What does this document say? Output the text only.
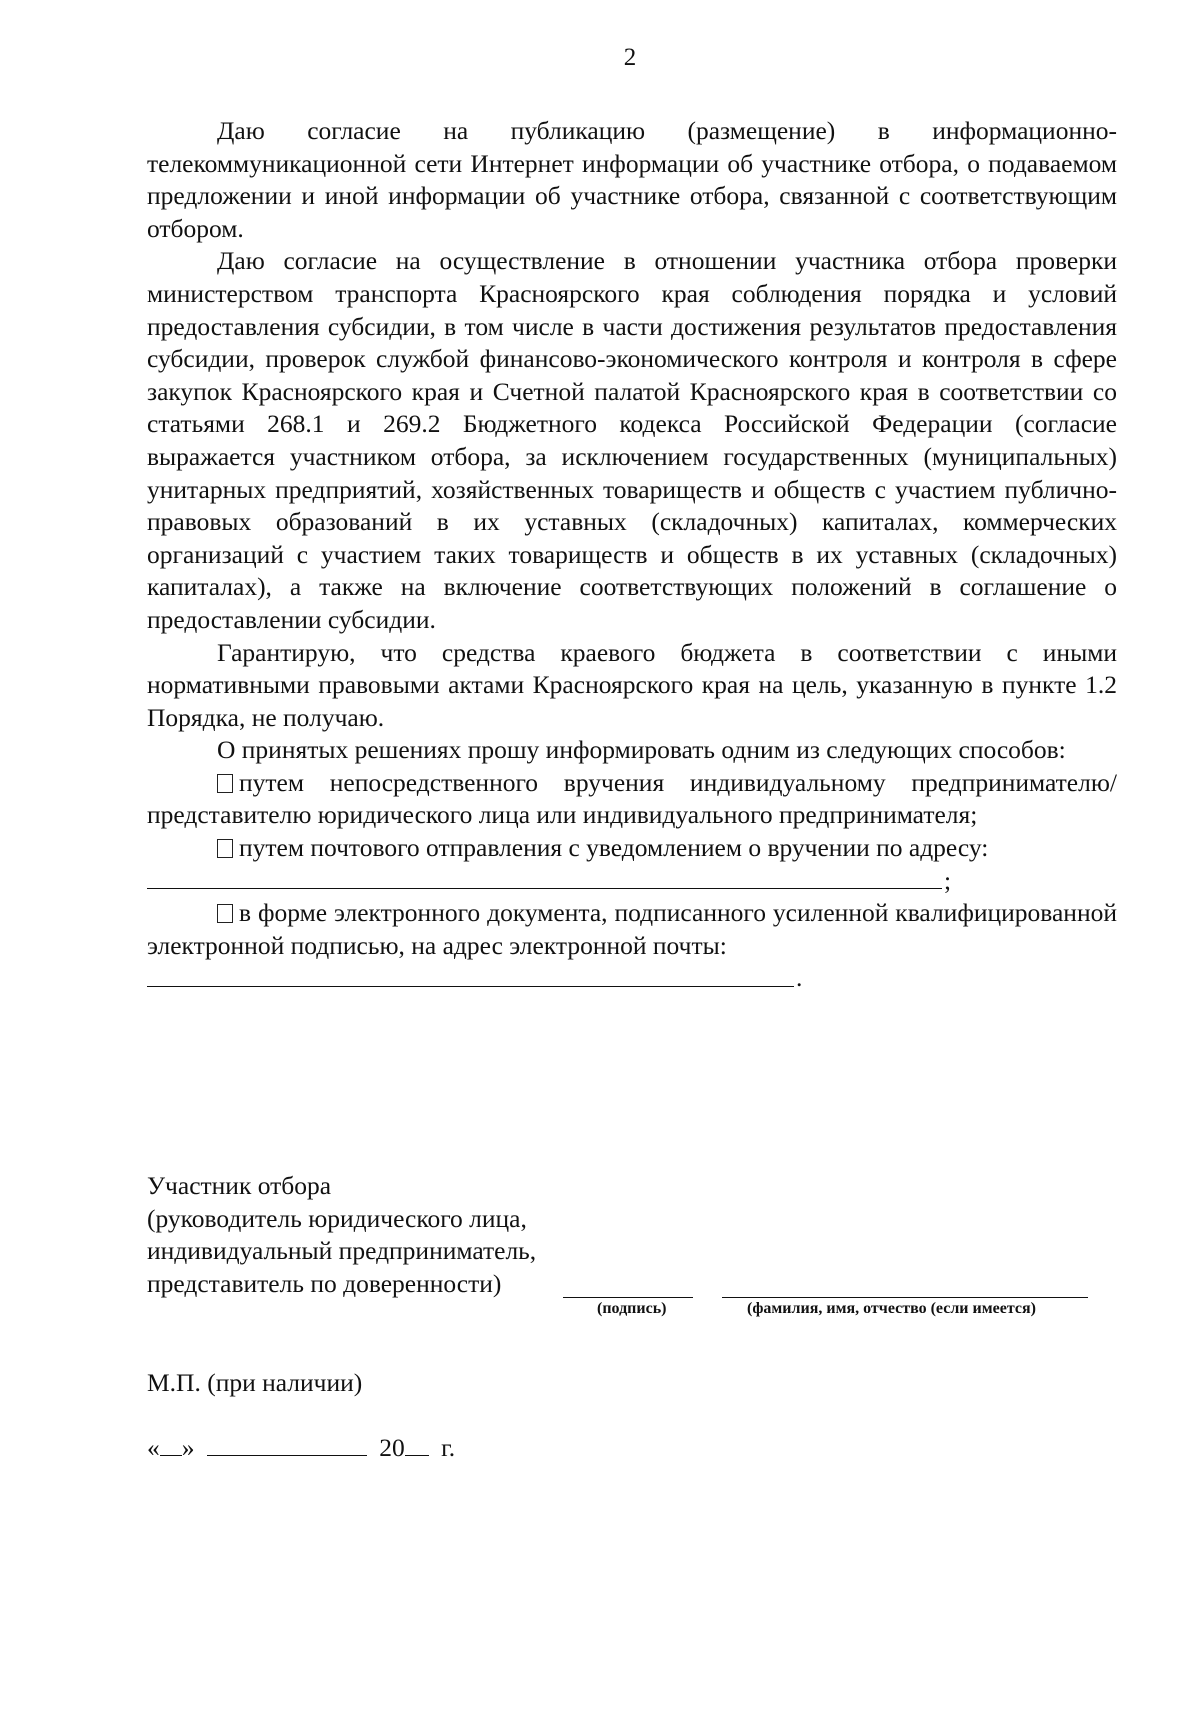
2

Даю согласие на публикацию (размещение) в информационно-телекоммуникационной сети Интернет информации об участнике отбора, о подаваемом предложении и иной информации об участнике отбора, связанной с соответствующим отбором.

Даю согласие на осуществление в отношении участника отбора проверки министерством транспорта Красноярского края соблюдения порядка и условий предоставления субсидии, в том числе в части достижения результатов предоставления субсидии, проверок службой финансово-экономического контроля и контроля в сфере закупок Красноярского края и Счетной палатой Красноярского края в соответствии со статьями 268.1 и 269.2 Бюджетного кодекса Российской Федерации (согласие выражается участником отбора, за исключением государственных (муниципальных) унитарных предприятий, хозяйственных товариществ и обществ с участием публично-правовых образований в их уставных (складочных) капиталах, коммерческих организаций с участием таких товариществ и обществ в их уставных (складочных) капиталах), а также на включение соответствующих положений в соглашение о предоставлении субсидии.

Гарантирую, что средства краевого бюджета в соответствии с иными нормативными правовыми актами Красноярского края на цель, указанную в пункте 1.2 Порядка, не получаю.

О принятых решениях прошу информировать одним из следующих способов:

путем непосредственного вручения индивидуальному предпринимателю/представителю юридического лица или индивидуального предпринимателя;

путем почтового отправления с уведомлением о вручении по адресу:

;

в форме электронного документа, подписанного усиленной квалифицированной электронной подписью, на адрес электронной почты:

.

Участник отбора

(руководитель юридического лица,

индивидуальный предприниматель,

представитель по доверенности)

(подпись)	(фамилия, имя, отчество (если имеется)
М.П. (при наличии)
« »	20 г.
